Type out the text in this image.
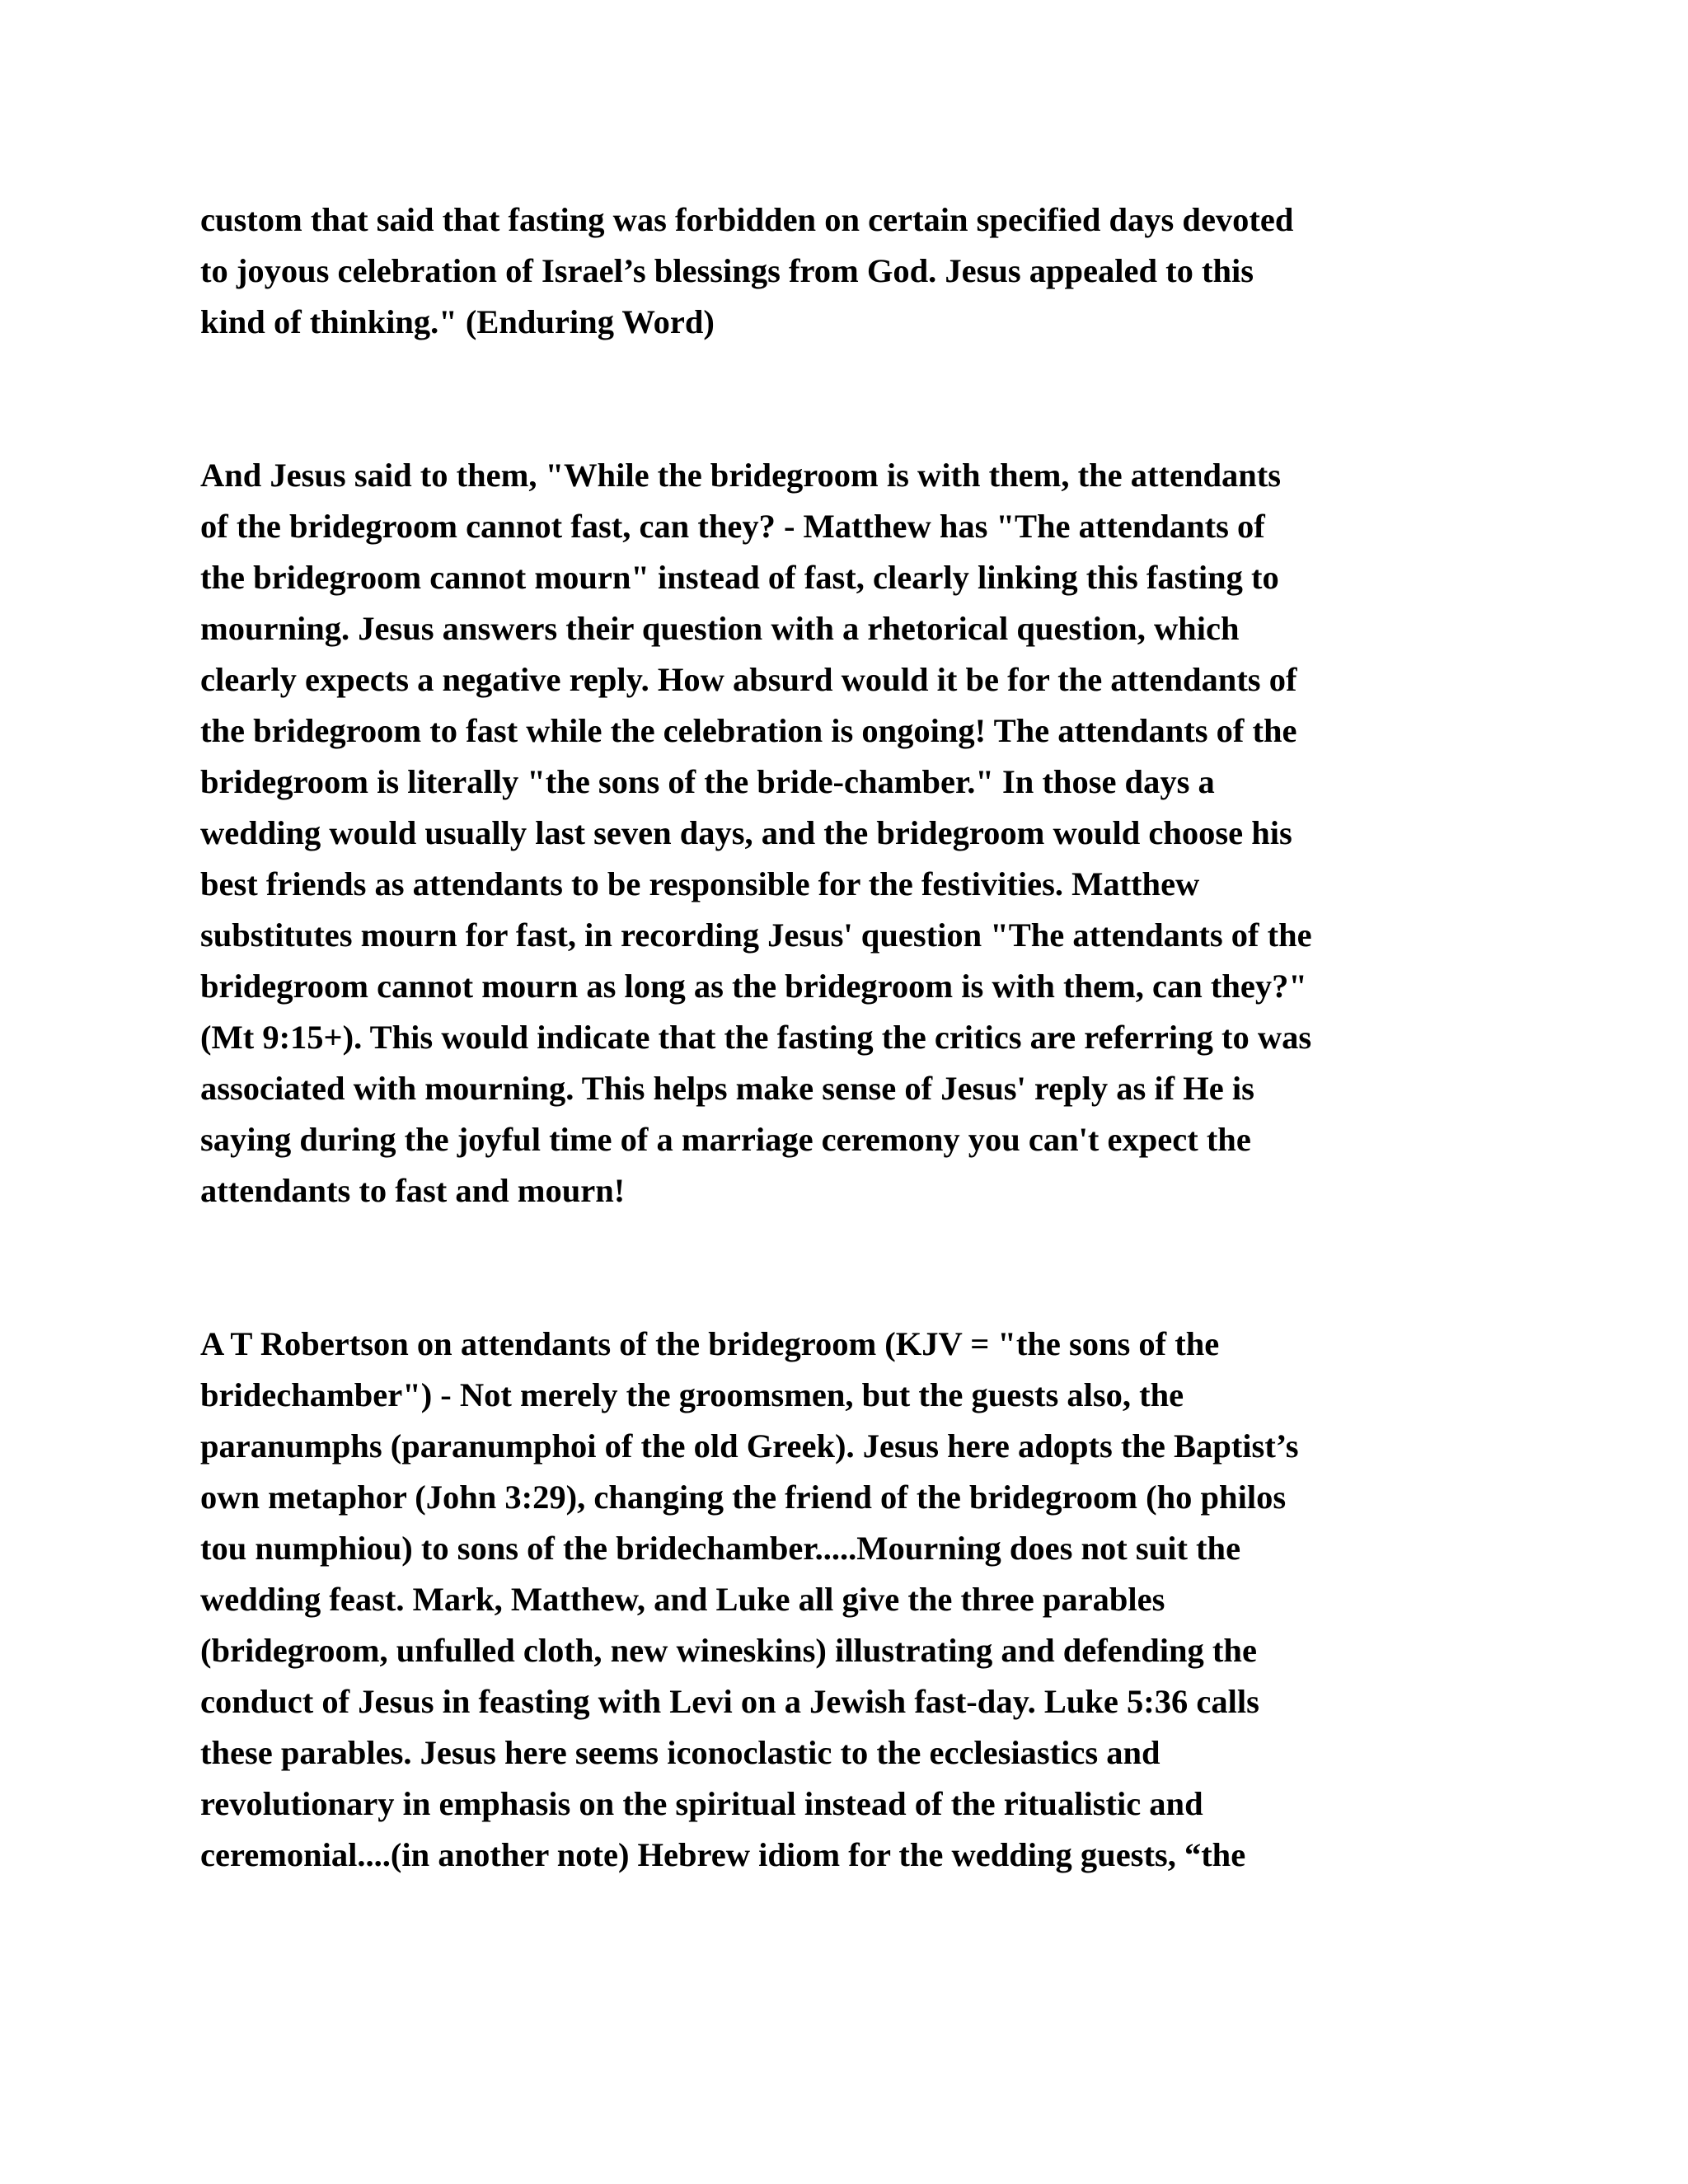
custom that said that fasting was forbidden on certain specified days devoted

to joyous celebration of Israel’s blessings from God. Jesus appealed to this

kind of thinking." (Enduring Word)

And Jesus said to them, "While the bridegroom is with them, the attendants

of the bridegroom cannot fast, can they? - Matthew has "The attendants of

the bridegroom cannot mourn" instead of fast, clearly linking this fasting to

mourning. Jesus answers their question with a rhetorical question, which

clearly expects a negative reply. How absurd would it be for the attendants of

the bridegroom to fast while the celebration is ongoing! The attendants of the

bridegroom is literally "the sons of the bride-chamber." In those days a

wedding would usually last seven days, and the bridegroom would choose his

best friends as attendants to be responsible for the festivities. Matthew

substitutes mourn for fast, in recording Jesus' question "The attendants of the

bridegroom cannot mourn as long as the bridegroom is with them, can they?"

(Mt 9:15+). This would indicate that the fasting the critics are referring to was

associated with mourning. This helps make sense of Jesus' reply as if He is

saying during the joyful time of a marriage ceremony you can't expect the

attendants to fast and mourn!

A T Robertson on attendants of the bridegroom (KJV = "the sons of the

bridechamber") - Not merely the groomsmen, but the guests also, the

paranumphs (paranumphoi of the old Greek). Jesus here adopts the Baptist’s

own metaphor (John 3:29), changing the friend of the bridegroom (ho philos

tou numphiou) to sons of the bridechamber.....Mourning does not suit the

wedding feast. Mark, Matthew, and Luke all give the three parables

(bridegroom, unfulled cloth, new wineskins) illustrating and defending the

conduct of Jesus in feasting with Levi on a Jewish fast-day. Luke 5:36 calls

these parables. Jesus here seems iconoclastic to the ecclesiastics and

revolutionary in emphasis on the spiritual instead of the ritualistic and

ceremonial....(in another note) Hebrew idiom for the wedding guests, “the
